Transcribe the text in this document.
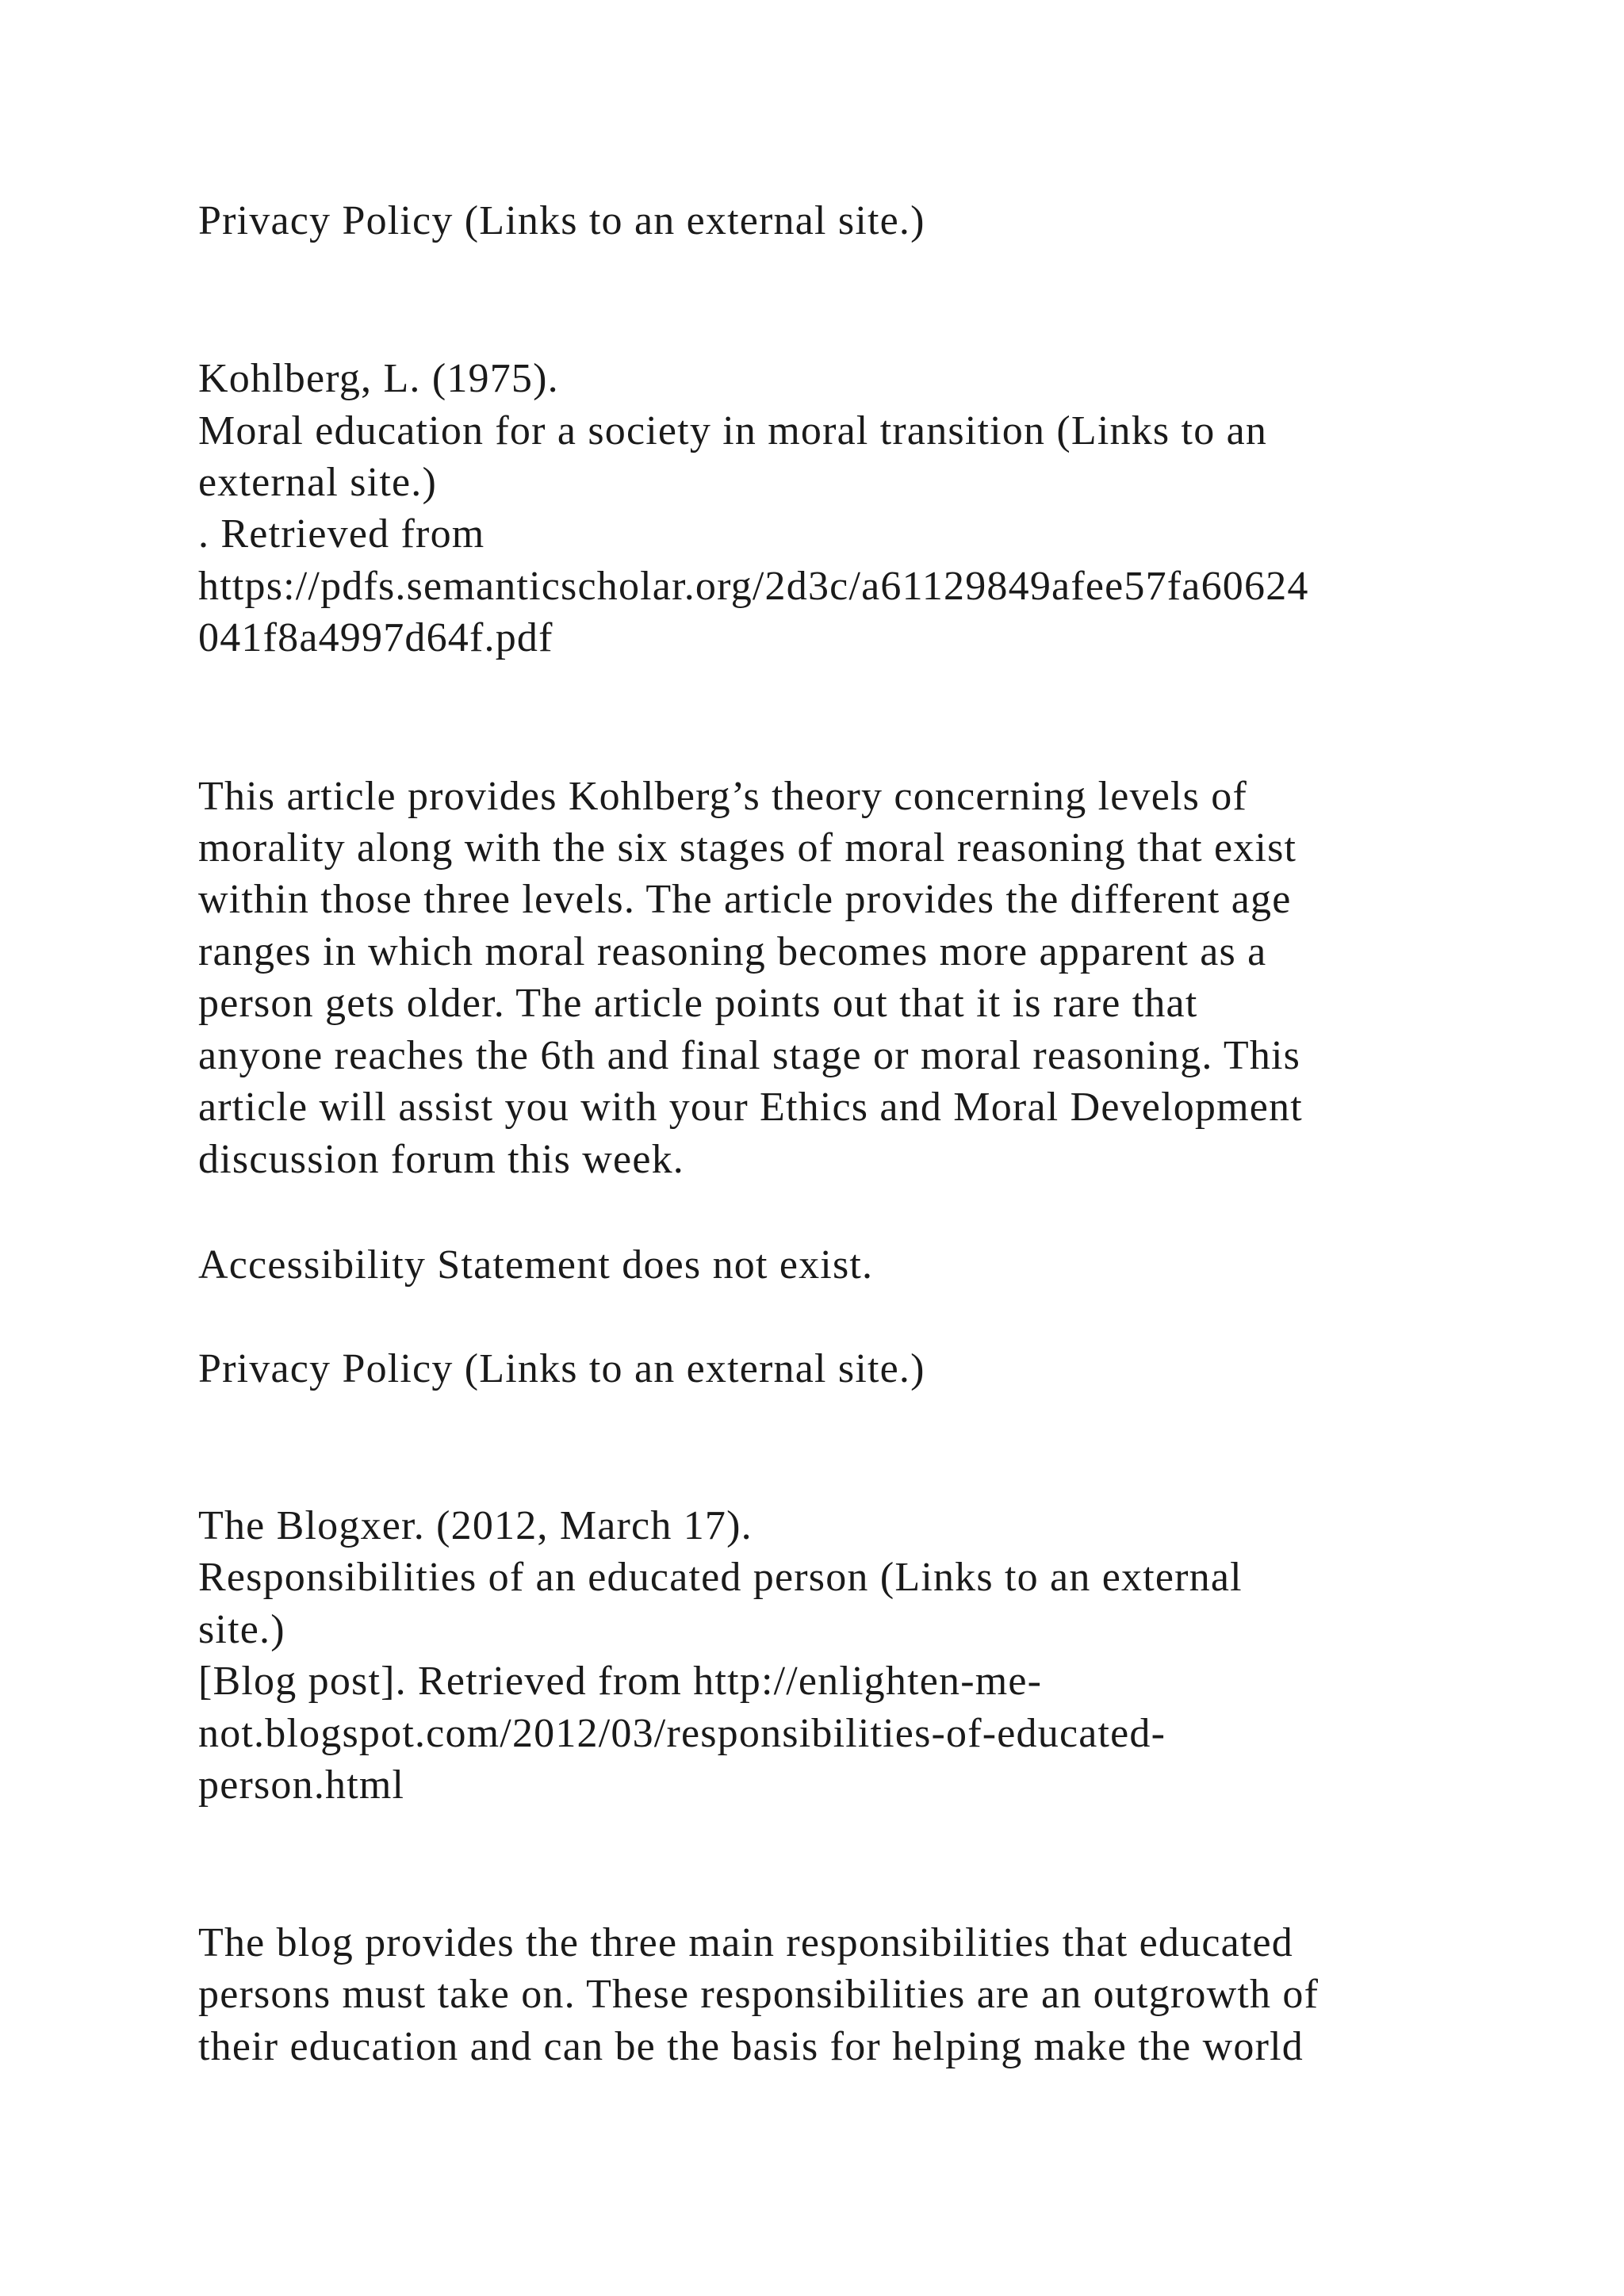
Privacy Policy (Links to an external site.)
Kohlberg, L. (1975).
Moral education for a society in moral transition (Links to an
external site.)
. Retrieved from
https://pdfs.semanticscholar.org/2d3c/a61129849afee57fa60624
041f8a4997d64f.pdf
This article provides Kohlberg’s theory concerning levels of
morality along with the six stages of moral reasoning that exist
within those three levels. The article provides the different age
ranges in which moral reasoning becomes more apparent as a
person gets older. The article points out that it is rare that
anyone reaches the 6th and final stage or moral reasoning. This
article will assist you with your Ethics and Moral Development
discussion forum this week.
Accessibility Statement does not exist.
Privacy Policy (Links to an external site.)
The Blogxer. (2012, March 17).
Responsibilities of an educated person (Links to an external
site.)
[Blog post]. Retrieved from http://enlighten-me-
not.blogspot.com/2012/03/responsibilities-of-educated-
person.html
The blog provides the three main responsibilities that educated
persons must take on. These responsibilities are an outgrowth of
their education and can be the basis for helping make the world
